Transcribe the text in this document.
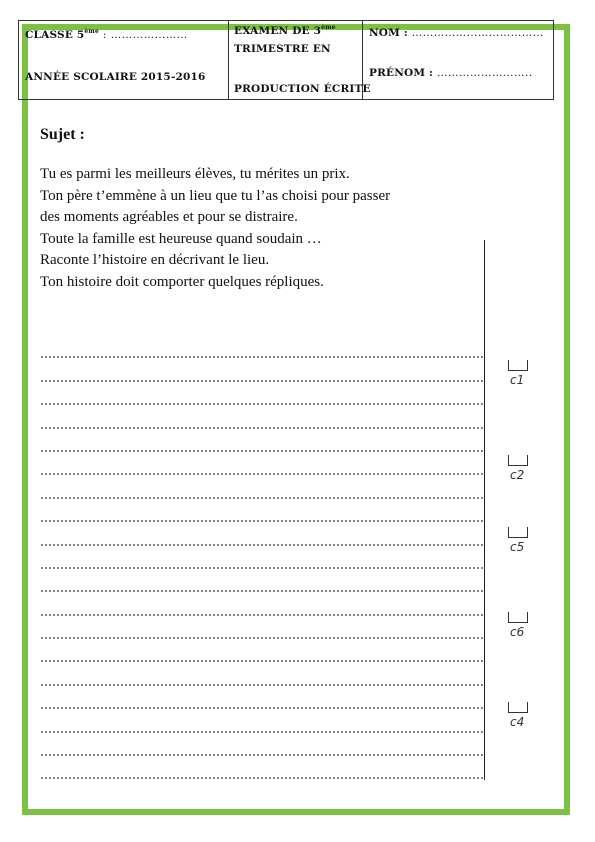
CLASSE 5ème : …………………
ANNÉE SCOLAIRE 2015-2016
EXAMEN DE 3ème
TRIMESTRE EN
PRODUCTION ÉCRITE
NOM : ………………………………
PRÉNOM : ……………………..
Sujet :
Tu es parmi les meilleurs élèves, tu mérites un prix.
Ton père t’emmène à un lieu que tu l’as choisi pour passer
des moments agréables et pour se distraire.
Toute la famille est heureuse quand soudain …
Raconte l’histoire en décrivant le lieu.
Ton histoire doit comporter quelques répliques.
c1
c2
c5
c6
c4
